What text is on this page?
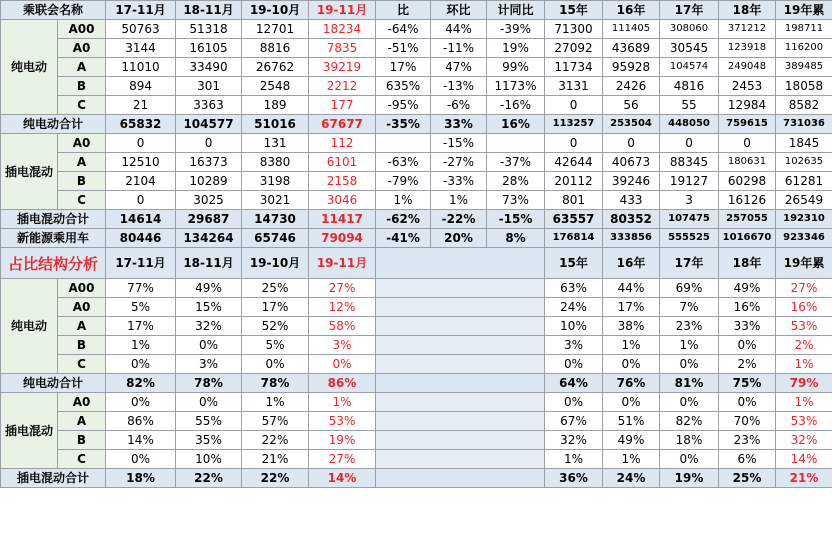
乘联会名称		17-11月	18-11月	19-10月	19-11月	比	环比	计同比	15年	16年	17年	18年	19年累
纯电动	A00	50763	51318	12701	18234	-64%	44%	-39%	71300	111405	308060	371212	198711
	A0	3144	16105	8816	7835	-51%	-11%	19%	27092	43689	30545	123918	116200
	A	11010	33490	26762	39219	17%	47%	99%	11734	95928	104574	249048	389485
	B	894	301	2548	2212	635%	-13%	1173%	3131	2426	4816	2453	18058
	C	21	3363	189	177	-95%	-6%	-16%	0	56	55	12984	8582
纯电动合计		65832	104577	51016	67677	-35%	33%	16%	113257	253504	448050	759615	731036
插电混动	A0	0	0	131	112		-15%		0	0	0	0	1845
	A	12510	16373	8380	6101	-63%	-27%	-37%	42644	40673	88345	180631	102635
	B	2104	10289	3198	2158	-79%	-33%	28%	20112	39246	19127	60298	61281
	C	0	3025	3021	3046	1%	1%	73%	801	433	3	16126	26549
插电混动合计		14614	29687	14730	11417	-62%	-22%	-15%	63557	80352	107475	257055	192310
新能源乘用车		80446	134264	65746	79094	-41%	20%	8%	176814	333856	555525	1016670	923346

占比结构分析		17-11月	18-11月	19-10月	19-11月				15年	16年	17年	18年	19年累
纯电动	A00	77%	49%	25%	27%				63%	44%	69%	49%	27%
	A0	5%	15%	17%	12%				24%	17%	7%	16%	16%
	A	17%	32%	52%	58%				10%	38%	23%	33%	53%
	B	1%	0%	5%	3%				3%	1%	1%	0%	2%
	C	0%	3%	0%	0%				0%	0%	0%	2%	1%
纯电动合计		82%	78%	78%	86%				64%	76%	81%	75%	79%
插电混动	A0	0%	0%	1%	1%				0%	0%	0%	0%	1%
	A	86%	55%	57%	53%				67%	51%	82%	70%	53%
	B	14%	35%	22%	19%				32%	49%	18%	23%	32%
	C	0%	10%	21%	27%				1%	1%	0%	6%	14%
插电混动合计		18%	22%	22%	14%				36%	24%	19%	25%	21%
